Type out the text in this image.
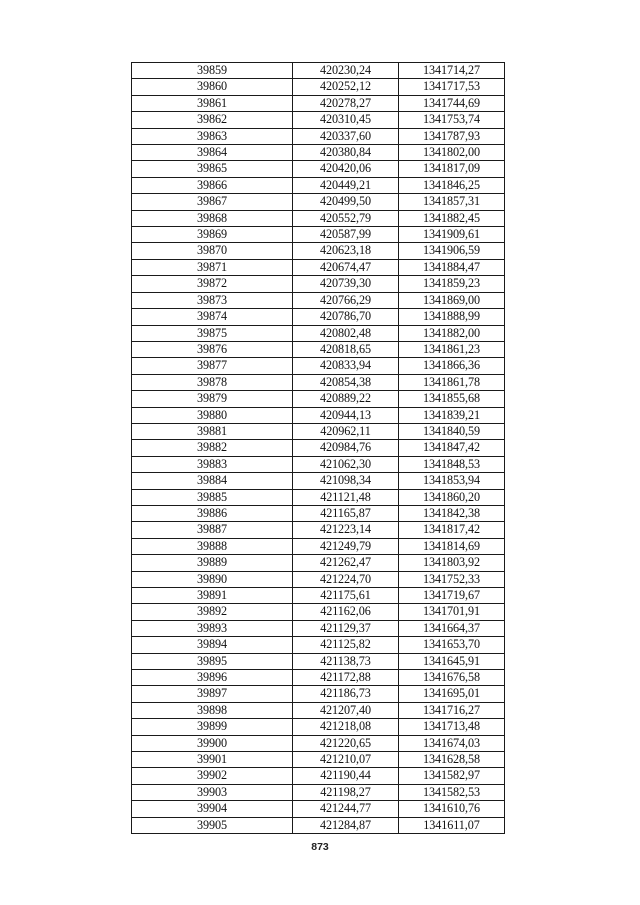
39859	420230,24	1341714,27
39860	420252,12	1341717,53
39861	420278,27	1341744,69
39862	420310,45	1341753,74
39863	420337,60	1341787,93
39864	420380,84	1341802,00
39865	420420,06	1341817,09
39866	420449,21	1341846,25
39867	420499,50	1341857,31
39868	420552,79	1341882,45
39869	420587,99	1341909,61
39870	420623,18	1341906,59
39871	420674,47	1341884,47
39872	420739,30	1341859,23
39873	420766,29	1341869,00
39874	420786,70	1341888,99
39875	420802,48	1341882,00
39876	420818,65	1341861,23
39877	420833,94	1341866,36
39878	420854,38	1341861,78
39879	420889,22	1341855,68
39880	420944,13	1341839,21
39881	420962,11	1341840,59
39882	420984,76	1341847,42
39883	421062,30	1341848,53
39884	421098,34	1341853,94
39885	421121,48	1341860,20
39886	421165,87	1341842,38
39887	421223,14	1341817,42
39888	421249,79	1341814,69
39889	421262,47	1341803,92
39890	421224,70	1341752,33
39891	421175,61	1341719,67
39892	421162,06	1341701,91
39893	421129,37	1341664,37
39894	421125,82	1341653,70
39895	421138,73	1341645,91
39896	421172,88	1341676,58
39897	421186,73	1341695,01
39898	421207,40	1341716,27
39899	421218,08	1341713,48
39900	421220,65	1341674,03
39901	421210,07	1341628,58
39902	421190,44	1341582,97
39903	421198,27	1341582,53
39904	421244,77	1341610,76
39905	421284,87	1341611,07
873
